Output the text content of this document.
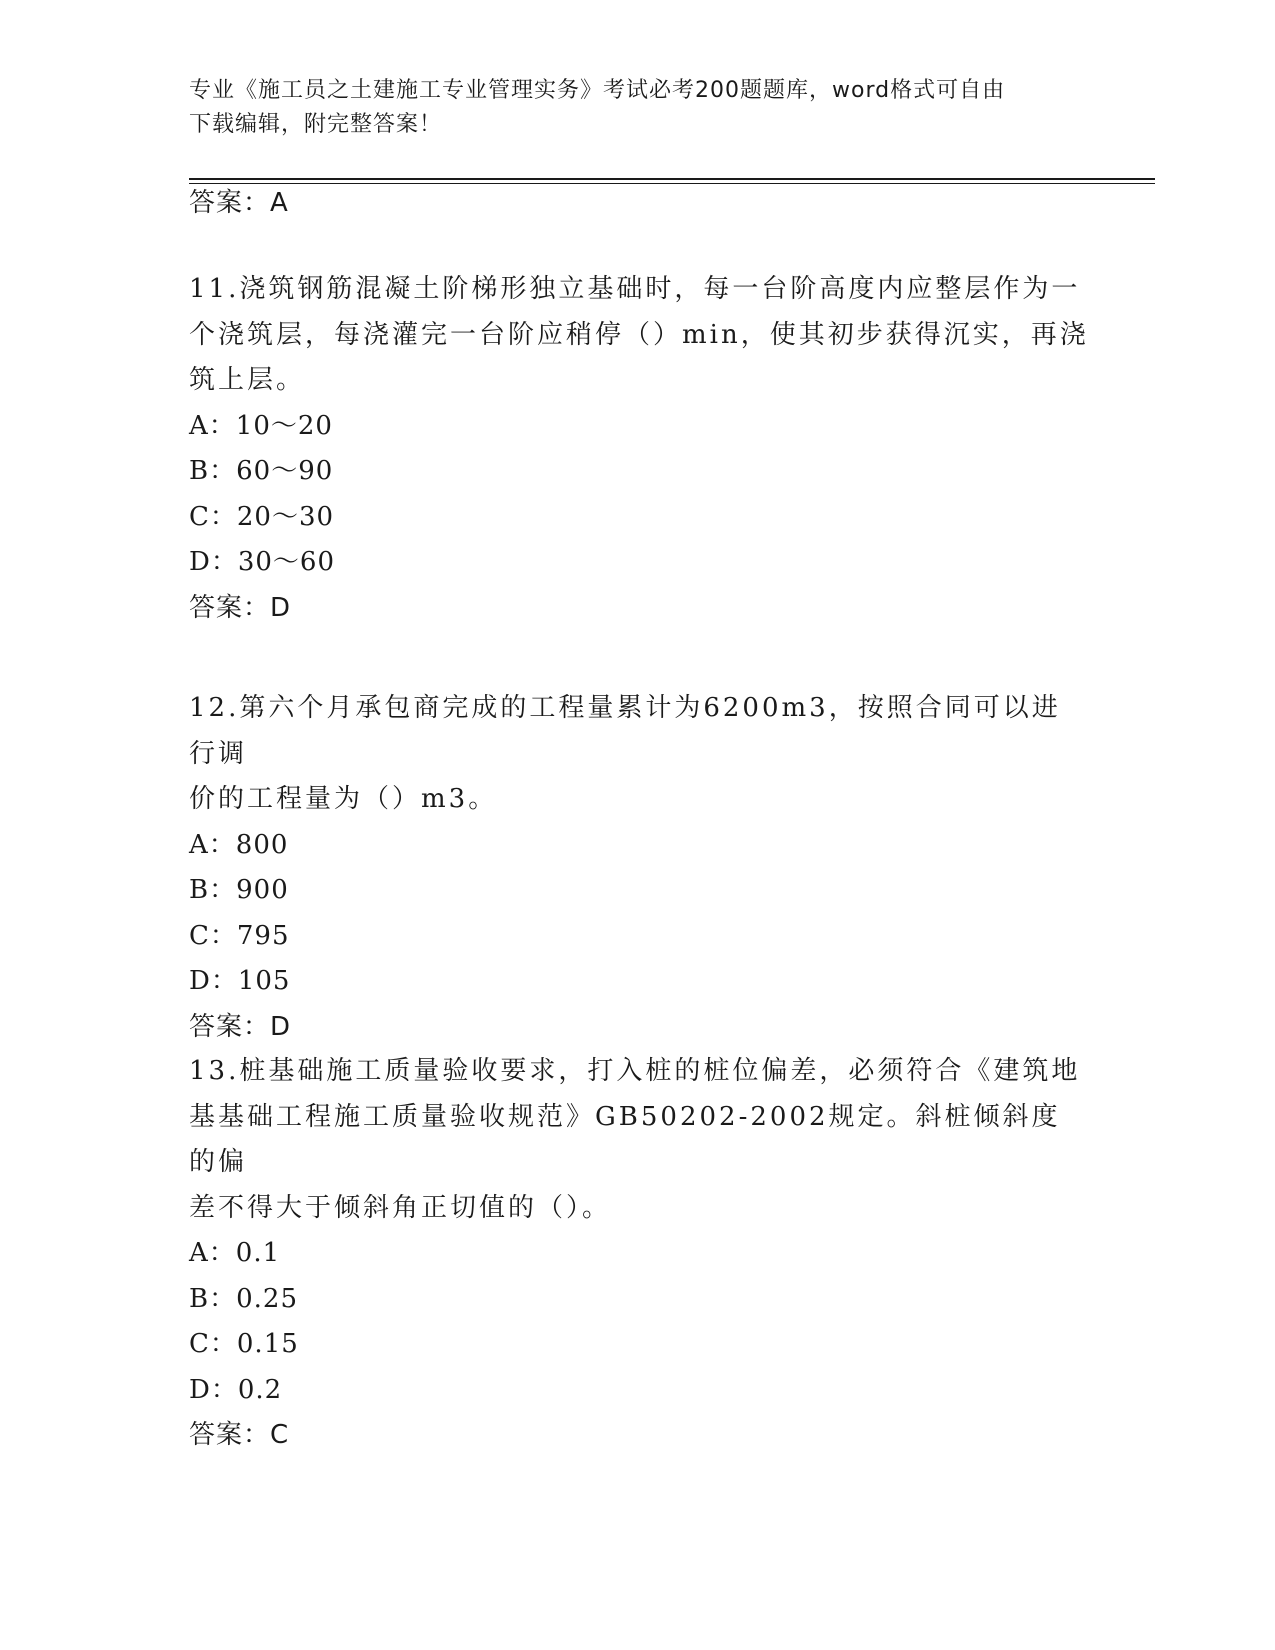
专业《施工员之土建施工专业管理实务》考试必考200题题库，word格式可自由
下载编辑，附完整答案！
答案：A

11.浇筑钢筋混凝土阶梯形独立基础时，每一台阶高度内应整层作为一

个浇筑层，每浇灌完一台阶应稍停（）min，使其初步获得沉实，再浇

筑上层。

A：10～20

B：60～90

C：20～30

D：30～60

答案：D

12.第六个月承包商完成的工程量累计为6200m3，按照合同可以进行调

价的工程量为（）m3。

A：800

B：900

C：795

D：105

答案：D

13.桩基础施工质量验收要求，打入桩的桩位偏差，必须符合《建筑地

基基础工程施工质量验收规范》GB50202-2002规定。斜桩倾斜度的偏

差不得大于倾斜角正切值的（）。

A：0.1

B：0.25

C：0.15

D：0.2

答案：C
